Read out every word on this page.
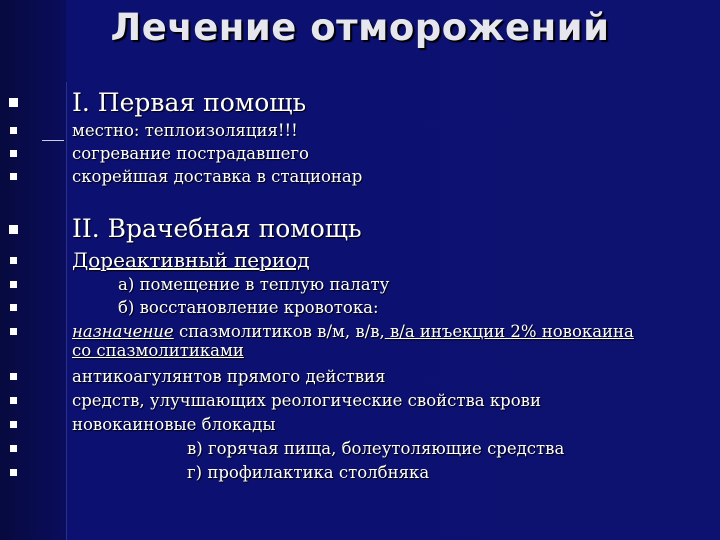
Лечение отморожений
I. Первая помощь
местно: теплоизоляция!!!
согревание пострадавшего
скорейшая доставка в стационар
II. Врачебная помощь
Дореактивный период
а) помещение в теплую палату
б) восстановление кровотока:
назначение спазмолитиков в/м, в/в, в/а инъекции 2% новокаина
со спазмолитиками
антикоагулянтов прямого действия
средств, улучшающих реологические свойства крови
новокаиновые блокады
в) горячая пища, болеутоляющие средства
г) профилактика столбняка
